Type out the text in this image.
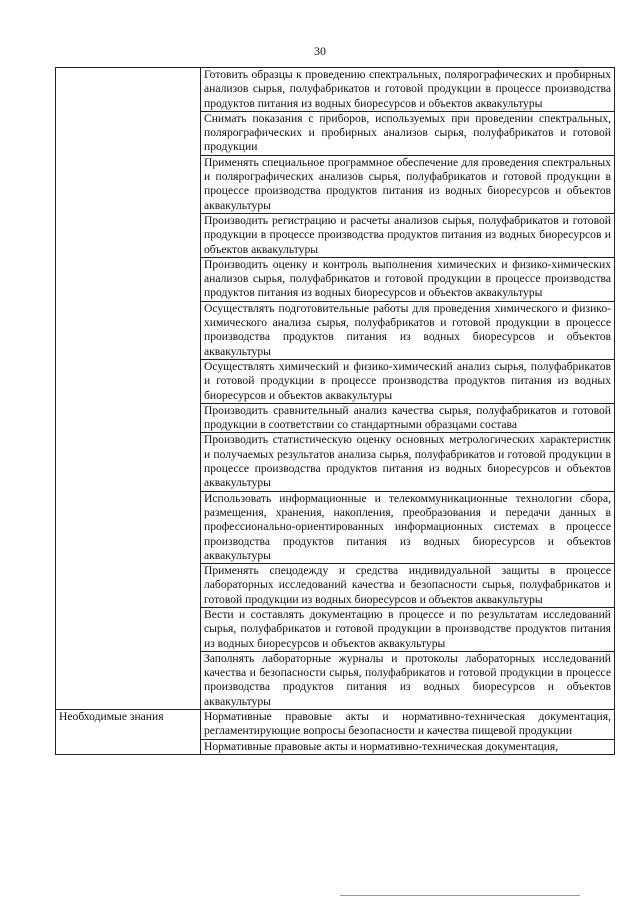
30
	Готовить образцы к проведению спектральных, полярографических и пробирных анализов сырья, полуфабрикатов и готовой продукции в процессе производства продуктов питания из водных биоресурсов и объектов аквакультуры
	Снимать показания с приборов, используемых при проведении спектральных, полярографических и пробирных анализов сырья, полуфабрикатов и готовой продукции
	Применять специальное программное обеспечение для проведения спектральных и полярографических анализов сырья, полуфабрикатов и готовой продукции в процессе производства продуктов питания из водных биоресурсов и объектов аквакультуры
	Производить регистрацию и расчеты анализов сырья, полуфабрикатов и готовой продукции в процессе производства продуктов питания из водных биоресурсов и объектов аквакультуры
	Производить оценку и контроль выполнения химических и физико-химических анализов сырья, полуфабрикатов и готовой продукции в процессе производства продуктов питания из водных биоресурсов и объектов аквакультуры
	Осуществлять подготовительные работы для проведения химического и физико-химического анализа сырья, полуфабрикатов и готовой продукции в процессе производства продуктов питания из водных биоресурсов и объектов аквакультуры
	Осуществлять химический и физико-химический анализ сырья, полуфабрикатов и готовой продукции в процессе производства продуктов питания из водных биоресурсов и объектов аквакультуры
	Производить сравнительный анализ качества сырья, полуфабрикатов и готовой продукции в соответствии со стандартными образцами состава
	Производить статистическую оценку основных метрологических характеристик и получаемых результатов анализа сырья, полуфабрикатов и готовой продукции в процессе производства продуктов питания из водных биоресурсов и объектов аквакультуры
	Использовать информационные и телекоммуникационные технологии сбора, размещения, хранения, накопления, преобразования и передачи данных в профессионально-ориентированных информационных системах в процессе производства продуктов питания из водных биоресурсов и объектов аквакультуры
	Применять спецодежду и средства индивидуальной защиты в процессе лабораторных исследований качества и безопасности сырья, полуфабрикатов и готовой продукции из водных биоресурсов и объектов аквакультуры
	Вести и составлять документацию в процессе и по результатам исследований сырья, полуфабрикатов и готовой продукции в производстве продуктов питания из водных биоресурсов и объектов аквакультуры
	Заполнять лабораторные журналы и протоколы лабораторных исследований качества и безопасности сырья, полуфабрикатов и готовой продукции в процессе производства продуктов питания из водных биоресурсов и объектов аквакультуры
Необходимые знания	Нормативные правовые акты и нормативно-техническая документация, регламентирующие вопросы безопасности и качества пищевой продукции
	Нормативные правовые акты и нормативно-техническая документация,
